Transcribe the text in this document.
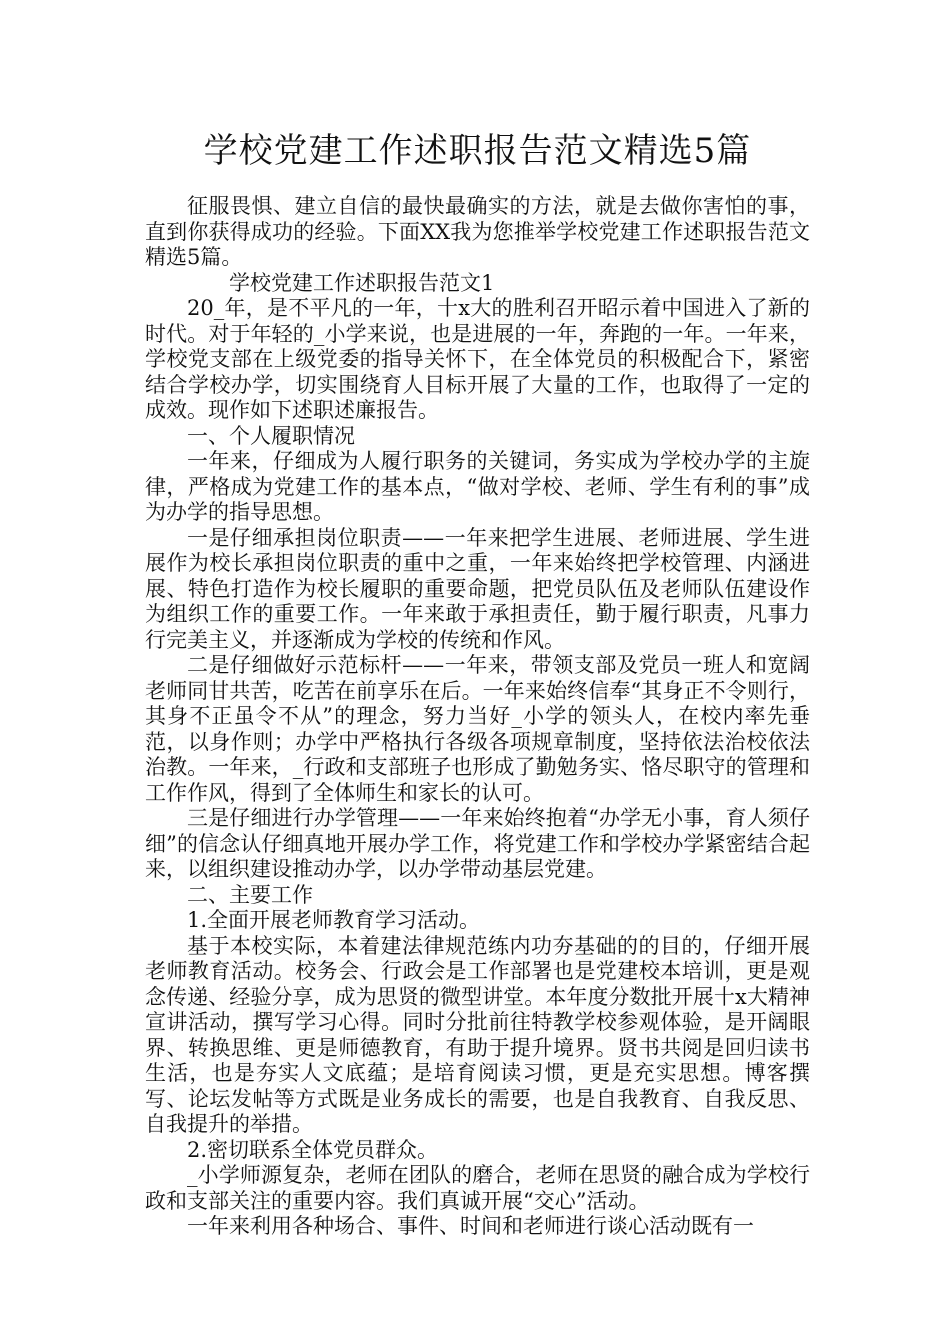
学校党建工作述职报告范文精选5篇

征服畏惧、建立自信的最快最确实的方法，就是去做你害怕的事，直到你获得成功的经验。下面XX我为您推举学校党建工作述职报告范文精选5篇。

学校党建工作述职报告范文1

20_年，是不平凡的一年，十x大的胜利召开昭示着中国进入了新的时代。对于年轻的_小学来说，也是进展的一年，奔跑的一年。一年来，学校党支部在上级党委的指导关怀下，在全体党员的积极配合下，紧密结合学校办学，切实围绕育人目标开展了大量的工作，也取得了一定的成效。现作如下述职述廉报告。

一、个人履职情况

一年来，仔细成为人履行职务的关键词，务实成为学校办学的主旋律，严格成为党建工作的基本点，“做对学校、老师、学生有利的事”成为办学的指导思想。

一是仔细承担岗位职责——一年来把学生进展、老师进展、学生进展作为校长承担岗位职责的重中之重，一年来始终把学校管理、内涵进展、特色打造作为校长履职的重要命题，把党员队伍及老师队伍建设作为组织工作的重要工作。一年来敢于承担责任，勤于履行职责，凡事力行完美主义，并逐渐成为学校的传统和作风。

二是仔细做好示范标杆——一年来，带领支部及党员一班人和宽阔老师同甘共苦，吃苦在前享乐在后。一年来始终信奉“其身正不令则行，其身不正虽令不从”的理念，努力当好_小学的领头人，在校内率先垂范，以身作则；办学中严格执行各级各项规章制度，坚持依法治校依法治教。一年来，_行政和支部班子也形成了勤勉务实、恪尽职守的管理和工作作风，得到了全体师生和家长的认可。

三是仔细进行办学管理——一年来始终抱着“办学无小事，育人须仔细”的信念认仔细真地开展办学工作，将党建工作和学校办学紧密结合起来，以组织建设推动办学，以办学带动基层党建。

二、主要工作

1.全面开展老师教育学习活动。

基于本校实际，本着建法律规范练内功夯基础的的目的，仔细开展老师教育活动。校务会、行政会是工作部署也是党建校本培训，更是观念传递、经验分享，成为思贤的微型讲堂。本年度分数批开展十x大精神宣讲活动，撰写学习心得。同时分批前往特教学校参观体验，是开阔眼界、转换思维、更是师德教育，有助于提升境界。贤书共阅是回归读书生活，也是夯实人文底蕴；是培育阅读习惯，更是充实思想。博客撰写、论坛发帖等方式既是业务成长的需要，也是自我教育、自我反思、自我提升的举措。

2.密切联系全体党员群众。

_小学师源复杂，老师在团队的磨合，老师在思贤的融合成为学校行政和支部关注的重要内容。我们真诚开展“交心”活动。

一年来利用各种场合、事件、时间和老师进行谈心活动既有一
